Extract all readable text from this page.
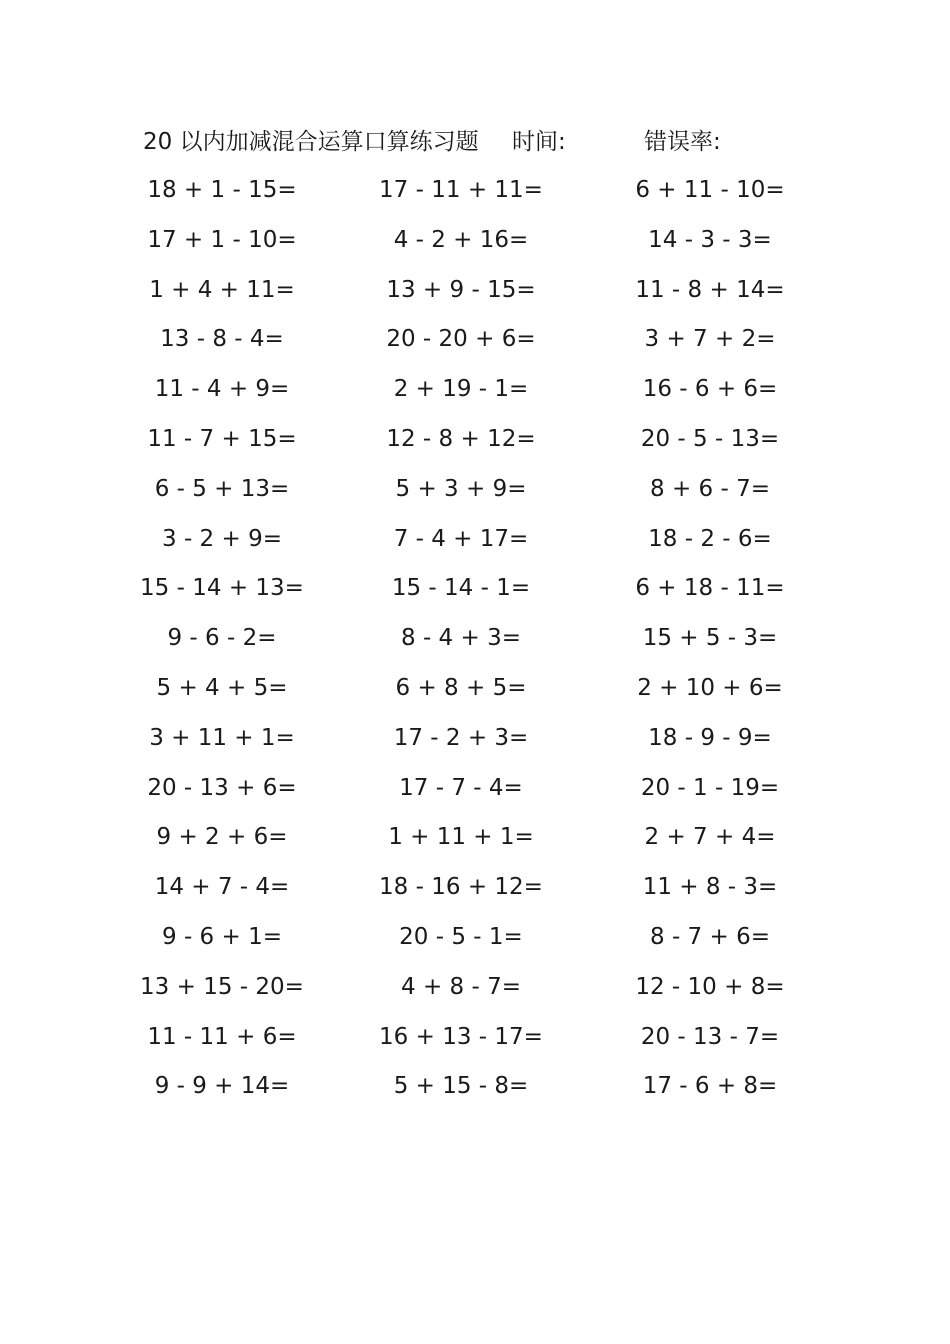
20 以内加减混合运算口算练习题 时间:	错误率:
18 + 1 - 15=	17 - 11 + 11=	6 + 11 - 10=
17 + 1 - 10=	4 - 2 + 16=	14 - 3 - 3=
1 + 4 + 11=	13 + 9 - 15=	11 - 8 + 14=
13 - 8 - 4=	20 - 20 + 6=	3 + 7 + 2=
11 - 4 + 9=	2 + 19 - 1=	16 - 6 + 6=
11 - 7 + 15=	12 - 8 + 12=	20 - 5 - 13=
6 - 5 + 13=	5 + 3 + 9=	8 + 6 - 7=
3 - 2 + 9=	7 - 4 + 17=	18 - 2 - 6=
15 - 14 + 13=	15 - 14 - 1=	6 + 18 - 11=
9 - 6 - 2=	8 - 4 + 3=	15 + 5 - 3=
5 + 4 + 5=	6 + 8 + 5=	2 + 10 + 6=
3 + 11 + 1=	17 - 2 + 3=	18 - 9 - 9=
20 - 13 + 6=	17 - 7 - 4=	20 - 1 - 19=
9 + 2 + 6=	1 + 11 + 1=	2 + 7 + 4=
14 + 7 - 4=	18 - 16 + 12=	11 + 8 - 3=
9 - 6 + 1=	20 - 5 - 1=	8 - 7 + 6=
13 + 15 - 20=	4 + 8 - 7=	12 - 10 + 8=
11 - 11 + 6=	16 + 13 - 17=	20 - 13 - 7=
9 - 9 + 14=	5 + 15 - 8=	17 - 6 + 8=
